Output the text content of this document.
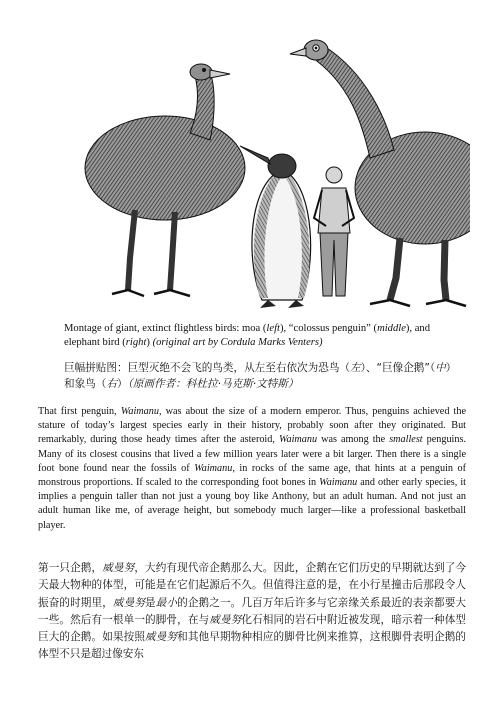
Montage of giant, extinct flightless birds: moa (left), “colossus penguin” (middle), and elephant bird (right) (original art by Cordula Marks Venters)
巨幅拼贴图：巨型灭绝不会飞的鸟类，从左至右依次为恐鸟（左）、“巨像企鹅”（中）和象鸟（右）（原画作者：科杜拉·马克斯·文特斯）
That first penguin, Waimanu, was about the size of a modern emperor. Thus, penguins achieved the stature of today’s largest species early in their history, probably soon after they originated. But remarkably, during those heady times after the asteroid, Waimanu was among the smallest penguins. Many of its closest cousins that lived a few million years later were a bit larger. Then there is a single foot bone found near the fossils of Waimanu, in rocks of the same age, that hints at a penguin of monstrous proportions. If scaled to the corresponding foot bones in Waimanu and other early species, it implies a penguin taller than not just a young boy like Anthony, but an adult human. And not just an adult human like me, of average height, but somebody much larger—like a professional basketball player.
第一只企鹅，威曼努，大约有现代帝企鹅那么大。因此，企鹅在它们历史的早期就达到了今天最大物种的体型，可能是在它们起源后不久。但值得注意的是，在小行星撞击后那段令人振奋的时期里，威曼努是最小的企鹅之一。几百万年后许多与它亲缘关系最近的表亲都要大一些。然后有一根单一的脚骨，在与威曼努化石相同的岩石中附近被发现，暗示着一种体型巨大的企鹅。如果按照威曼努和其他早期物种相应的脚骨比例来推算，这根脚骨表明企鹅的体型不只是超过像安东
